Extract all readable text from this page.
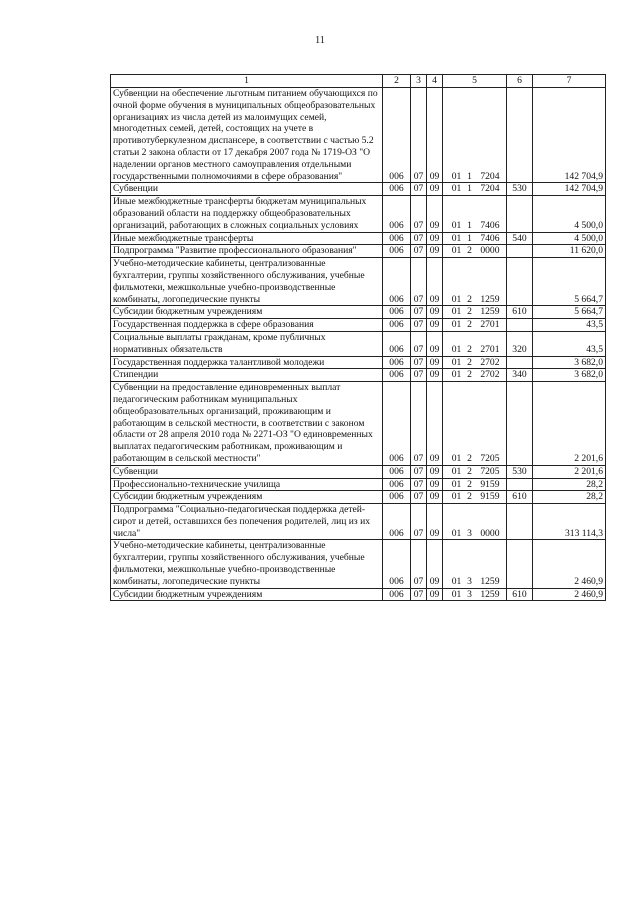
11
1	2	3	4	5	6	7
Субвенции на обеспечение льготным питанием обучающихся по очной форме обучения в муниципальных общеобразовательных организациях из числа детей из малоимущих семей, многодетных семей, детей, состоящих на учете в противотуберкулезном диспансере, в соответствии с частью 5.2 статьи 2 закона области от 17 декабря 2007 года № 1719-ОЗ "О наделении органов местного самоуправления отдельными государственными полномочиями в сфере образования"	006	07	09	01 1 7204		142 704,9
Субвенции	006	07	09	01 1 7204	530	142 704,9
Иные межбюджетные трансферты бюджетам муниципальных образований области на поддержку общеобразовательных организаций, работающих в сложных социальных условиях	006	07	09	01 1 7406		4 500,0
Иные межбюджетные трансферты	006	07	09	01 1 7406	540	4 500,0
Подпрограмма "Развитие профессионального образования"	006	07	09	01 2 0000		11 620,0
Учебно-методические кабинеты, централизованные бухгалтерии, группы хозяйственного обслуживания, учебные фильмотеки, межшкольные учебно-производственные комбинаты, логопедические пункты	006	07	09	01 2 1259		5 664,7
Субсидии бюджетным учреждениям	006	07	09	01 2 1259	610	5 664,7
Государственная поддержка в сфере образования	006	07	09	01 2 2701		43,5
Социальные выплаты гражданам, кроме публичных нормативных обязательств	006	07	09	01 2 2701	320	43,5
Государственная поддержка талантливой молодежи	006	07	09	01 2 2702		3 682,0
Стипендии	006	07	09	01 2 2702	340	3 682,0
Субвенции на предоставление единовременных выплат педагогическим работникам муниципальных общеобразовательных организаций, проживающим и работающим в сельской местности, в соответствии с законом области от 28 апреля 2010 года № 2271-ОЗ "О единовременных выплатах педагогическим работникам, проживающим и работающим в сельской местности"	006	07	09	01 2 7205		2 201,6
Субвенции	006	07	09	01 2 7205	530	2 201,6
Профессионально-технические училища	006	07	09	01 2 9159		28,2
Субсидии бюджетным учреждениям	006	07	09	01 2 9159	610	28,2
Подпрограмма "Социально-педагогическая поддержка детей-сирот и детей, оставшихся без попечения родителей, лиц из их числа"	006	07	09	01 3 0000		313 114,3
Учебно-методические кабинеты, централизованные бухгалтерии, группы хозяйственного обслуживания, учебные фильмотеки, межшкольные учебно-производственные комбинаты, логопедические пункты	006	07	09	01 3 1259		2 460,9
Субсидии бюджетным учреждениям	006	07	09	01 3 1259	610	2 460,9
